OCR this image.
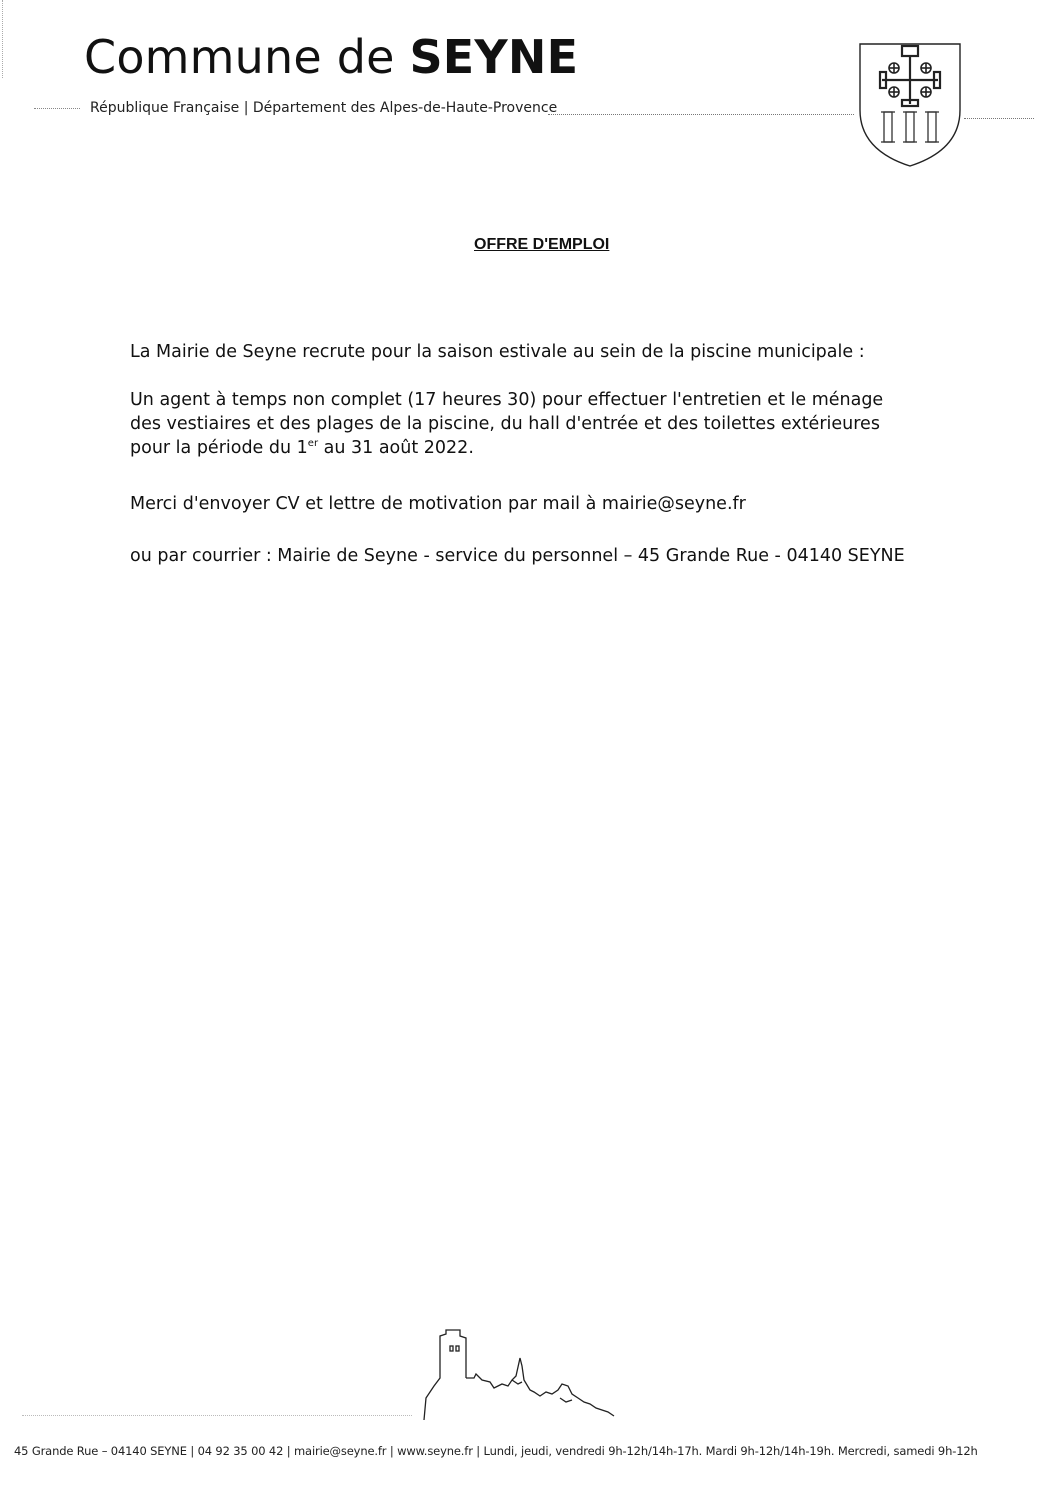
Commune de SEYNE
République Française | Département des Alpes-de-Haute-Provence
OFFRE D'EMPLOI

La Mairie de Seyne recrute pour la saison estivale au sein de la piscine municipale :

Un agent à temps non complet (17 heures 30) pour effectuer l'entretien et le ménage des vestiaires et des plages de la piscine, du hall d'entrée et des toilettes extérieures pour la période du 1er au 31 août 2022.

Merci d'envoyer CV et lettre de motivation par mail à mairie@seyne.fr

ou par courrier : Mairie de Seyne - service du personnel – 45 Grande Rue - 04140 SEYNE

45 Grande Rue – 04140 SEYNE | 04 92 35 00 42 | mairie@seyne.fr | www.seyne.fr | Lundi, jeudi, vendredi 9h-12h/14h-17h. Mardi 9h-12h/14h-19h. Mercredi, samedi 9h-12h
